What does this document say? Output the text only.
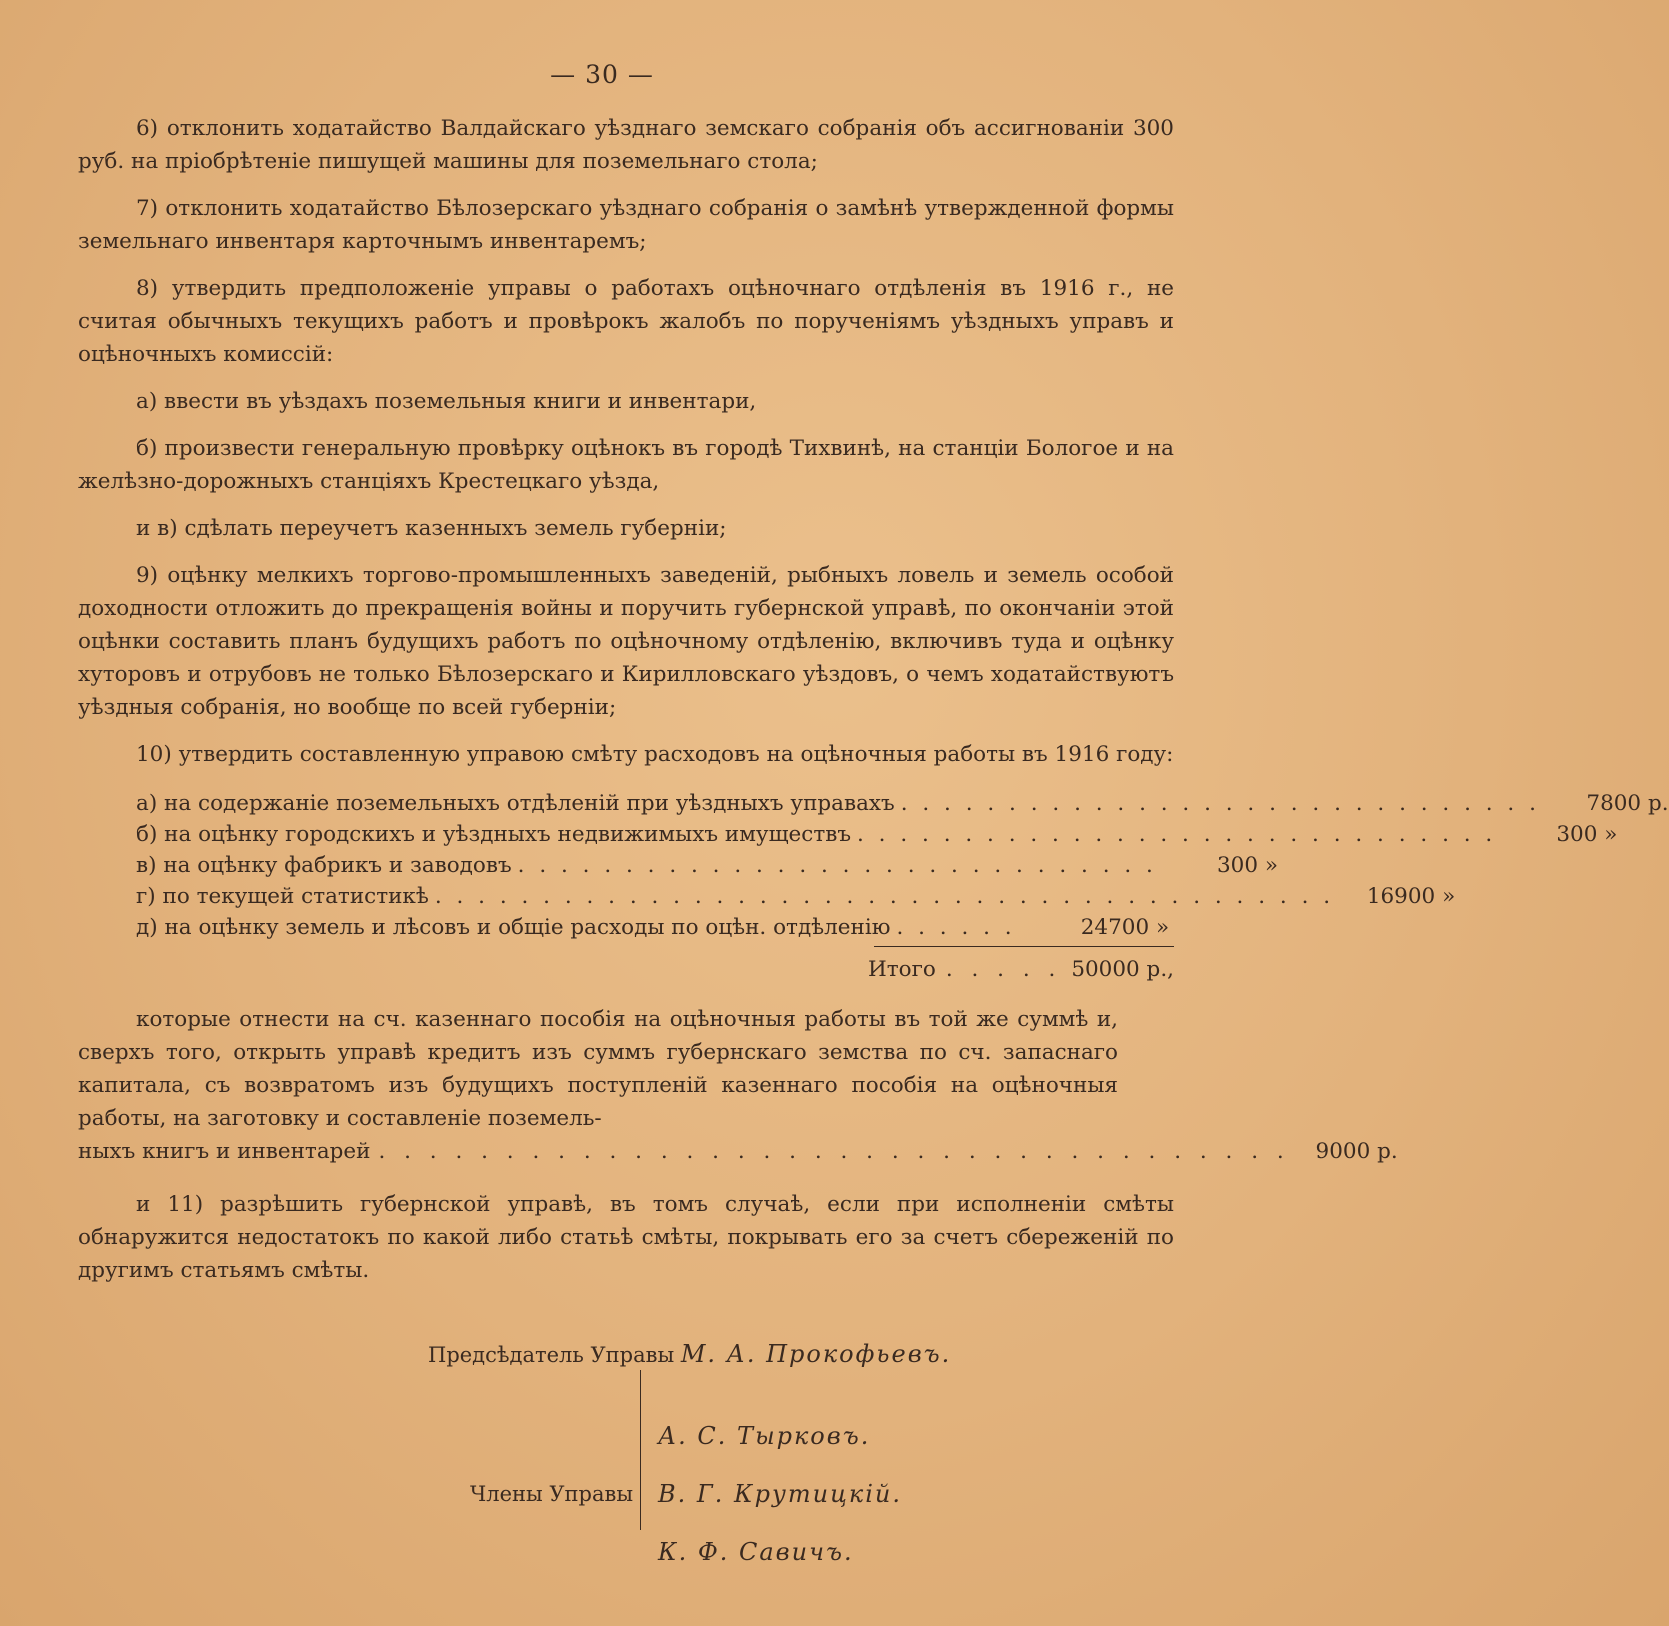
— 30 —

6) отклонить ходатайство Валдайскаго уѣзднаго земскаго собранія объ ассигнованіи 300 руб. на пріобрѣтеніе пишущей машины для поземельнаго стола;

7) отклонить ходатайство Бѣлозерскаго уѣзднаго собранія о замѣнѣ утвержденной формы земельнаго инвентаря карточнымъ инвентаремъ;

8) утвердить предположеніе управы о работахъ оцѣночнаго отдѣленія въ 1916 г., не считая обычныхъ текущихъ работъ и провѣрокъ жалобъ по порученіямъ уѣздныхъ управъ и оцѣночныхъ комиссій:

а) ввести въ уѣздахъ поземельныя книги и инвентари,

б) произвести генеральную провѣрку оцѣнокъ въ городѣ Тихвинѣ, на станціи Бологое и на желѣзно-дорожныхъ станціяхъ Крестецкаго уѣзда,

и в) сдѣлать переучетъ казенныхъ земель губерніи;

9) оцѣнку мелкихъ торгово-промышленныхъ заведеній, рыбныхъ ловель и земель особой доходности отложить до прекращенія войны и поручить губернской управѣ, по окончаніи этой оцѣнки составить планъ будущихъ работъ по оцѣночному отдѣленію, включивъ туда и оцѣнку хуторовъ и отрубовъ не только Бѣлозерскаго и Кирилловскаго уѣздовъ, о чемъ ходатайствуютъ уѣздныя собранія, но вообще по всей губерніи;

10) утвердить составленную управою смѣту расходовъ на оцѣночныя работы въ 1916 году:

а) на содержаніе поземельныхъ отдѣленій при уѣздныхъ управахъ . . . . . . . . . . . . . . . . . . . . . . . . . . . . . .	7800 р.
б) на оцѣнку городскихъ и уѣздныхъ недвижимыхъ имуществъ . . . . . . . . . . . . . . . . . . . . . . . . . . . . . .	300 »
в) на оцѣнку фабрикъ и заводовъ . . . . . . . . . . . . . . . . . . . . . . . . . . . . . .	300 »
г) по текущей статистикѣ . . . . . . . . . . . . . . . . . . . . . . . . . . . . . . . . . . . . . . . . . .	16900 »
д) на оцѣнку земель и лѣсовъ и общіе расходы по оцѣн. отдѣленію . . . . . .	24700 »
Итого . . . . . 50000 р.,

которые отнести на сч. казеннаго пособія на оцѣночныя работы въ той же суммѣ и, сверхъ того, открыть управѣ кредитъ изъ суммъ губернскаго земства по сч. запаснаго капитала, съ возвратомъ изъ будущихъ поступленій казеннаго пособія на оцѣночныя работы, на заготовку и составленіе поземель-

ныхъ книгъ и инвентарей . . . . . . . . . . . . . . . . . . . . . . . . . . . . . . . . . . . .	9000 р.

и 11) разрѣшить губернской управѣ, въ томъ случаѣ, если при исполненіи смѣты обнаружится недостатокъ по какой либо статьѣ смѣты, покрывать его за счетъ сбереженій по другимъ статьямъ смѣты.

Предсѣдатель Управы М. А. Прокофьевъ.
Члены Управы
А. С. Тырковъ.
В. Г. Крутицкій.
К. Ф. Савичъ.
